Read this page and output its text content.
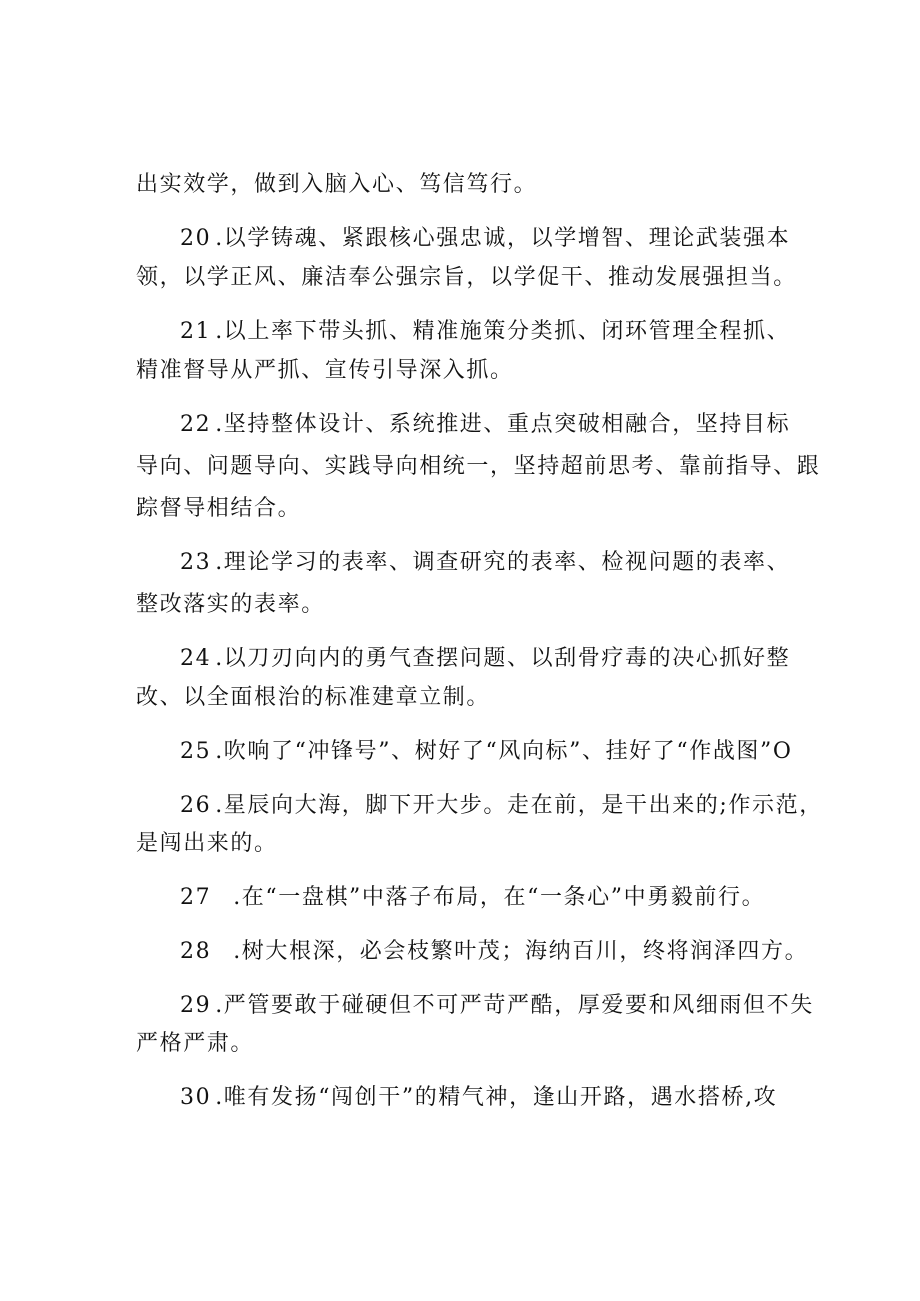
出实效学，做到入脑入心、笃信笃行。
20 .以学铸魂、紧跟核心强忠诚，以学增智、理论武装强本
领，以学正风、廉洁奉公强宗旨，以学促干、推动发展强担当。
21 .以上率下带头抓、精准施策分类抓、闭环管理全程抓、
精准督导从严抓、宣传引导深入抓。
22 .坚持整体设计、系统推进、重点突破相融合，坚持目标
导向、问题导向、实践导向相统一，坚持超前思考、靠前指导、跟
踪督导相结合。
23 .理论学习的表率、调查研究的表率、检视问题的表率、
整改落实的表率。
24 .以刀刃向内的勇气查摆问题、以刮骨疗毒的决心抓好整
改、以全面根治的标准建章立制。
25 .吹响了“冲锋号”、树好了“风向标”、挂好了“作战图”O
26 .星辰向大海，脚下开大步。走在前，是干出来的;作示范，
是闯出来的。
27 .在“一盘棋”中落子布局，在“一条心”中勇毅前行。
28 .树大根深，必会枝繁叶茂；海纳百川，终将润泽四方。
29 .严管要敢于碰硬但不可严苛严酷，厚爱要和风细雨但不失
严格严肃。
30 .唯有发扬“闯创干”的精气神，逢山开路，遇水搭桥,攻
